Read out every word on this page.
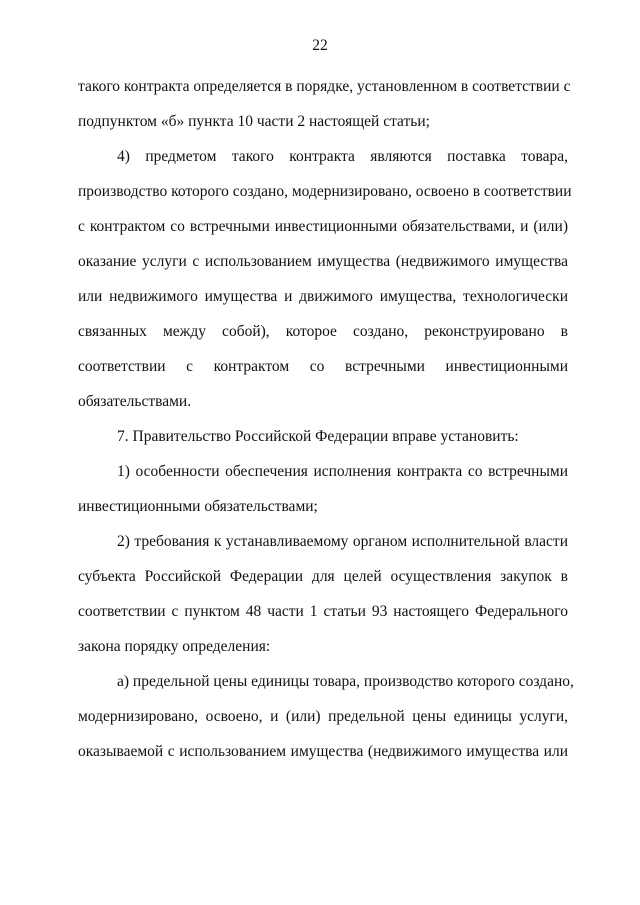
22
такого контракта определяется в порядке, установленном в соответствии с
подпунктом «б» пункта 10 части 2 настоящей статьи;
4) предметом такого контракта являются поставка товара,
производство которого создано, модернизировано, освоено в соответствии
с контрактом со встречными инвестиционными обязательствами, и (или)
оказание услуги с использованием имущества (недвижимого имущества
или недвижимого имущества и движимого имущества, технологически
связанных между собой), которое создано, реконструировано в
соответствии с контрактом со встречными инвестиционными
обязательствами.
7. Правительство Российской Федерации вправе установить:
1) особенности обеспечения исполнения контракта со встречными
инвестиционными обязательствами;
2) требования к устанавливаемому органом исполнительной власти
субъекта Российской Федерации для целей осуществления закупок в
соответствии с пунктом 48 части 1 статьи 93 настоящего Федерального
закона порядку определения:
а) предельной цены единицы товара, производство которого создано,
модернизировано, освоено, и (или) предельной цены единицы услуги,
оказываемой с использованием имущества (недвижимого имущества или
